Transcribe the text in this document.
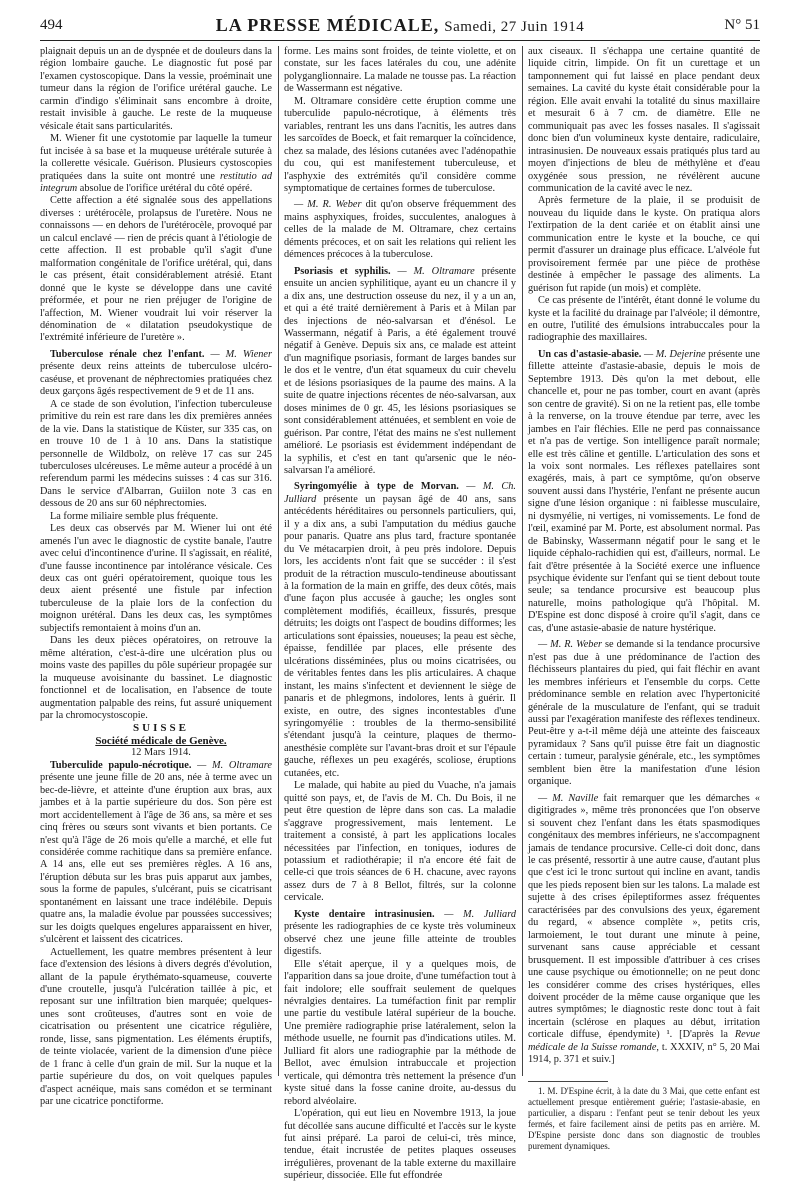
494	LA PRESSE MÉDICALE, Samedi, 27 Juin 1914	N° 51

plaignait depuis un an de dyspnée et de douleurs dans la région lombaire gauche. Le diagnostic fut posé par l'examen cystoscopique. Dans la vessie, proéminait une tumeur dans la région de l'orifice urétéral gauche. Le carmin d'indigo s'éliminait sans encombre à droite, restait invisible à gauche. Le reste de la muqueuse vésicale était sans particularités.

M. Wiener fit une cystotomie par laquelle la tumeur fut incisée à sa base et la muqueuse urétérale suturée à la collerette vésicale. Guérison. Plusieurs cystoscopies pratiquées dans la suite ont montré une restitutio ad integrum absolue de l'orifice urétéral du côté opéré.

Cette affection a été signalée sous des appellations diverses : urétérocèle, prolapsus de l'uretère. Nous ne connaissons — en dehors de l'urétérocèle, provoqué par un calcul enclavé — rien de précis quant à l'étiologie de cette affection. Il est probable qu'il s'agit d'une malformation congénitale de l'orifice urétéral, qui, dans le cas présent, était considérablement atrésié. Etant donné que le kyste se développe dans une cavité préformée, et pour ne rien préjuger de l'origine de l'affection, M. Wiener voudrait lui voir réserver la dénomination de « dilatation pseudokystique de l'extrémité inférieure de l'uretère ».

Tuberculose rénale chez l'enfant. — M. Wiener présente deux reins atteints de tuberculose ulcéro-caséuse, et provenant de néphrectomies pratiquées chez deux garçons âgés respectivement de 9 et de 11 ans.

A ce stade de son évolution, l'infection tuberculeuse primitive du rein est rare dans les dix premières années de la vie. Dans la statistique de Küster, sur 335 cas, on en trouve 10 de 1 à 10 ans. Dans la statistique personnelle de Wildbolz, on relève 17 cas sur 245 tuberculoses ulcéreuses. Le même auteur a procédé à un referendum parmi les médecins suisses : 4 cas sur 316. Dans le service d'Albarran, Guiilon note 3 cas en dessous de 20 ans sur 60 néphrectomies.

La forme miliaire semble plus fréquente.

Les deux cas observés par M. Wiener lui ont été amenés l'un avec le diagnostic de cystite banale, l'autre avec celui d'incontinence d'urine. Il s'agissait, en réalité, d'une fausse incontinence par intolérance vésicale. Ces deux cas ont guéri opératoirement, quoique tous les deux aient présenté une fistule par infection tuberculeuse de la plaie lors de la confection du moignon urétéral. Dans les deux cas, les symptômes subjectifs remontaient à moins d'un an.

Dans les deux pièces opératoires, on retrouve la même altération, c'est-à-dire une ulcération plus ou moins vaste des papilles du pôle supérieur propagée sur la muqueuse avoisinante du bassinet. Le diagnostic fonctionnel et de localisation, en l'absence de toute augmentation palpable des reins, fut assuré uniquement par la chromocystoscopie.

SUISSE

Société médicale de Genève.

12 Mars 1914.

Tuberculide papulo-nécrotique. — M. Oltramare présente une jeune fille de 20 ans, née à terme avec un bec-de-lièvre, et atteinte d'une éruption aux bras, aux jambes et à la partie supérieure du dos. Son père est mort accidentellement à l'âge de 36 ans, sa mère et ses cinq frères ou sœurs sont vivants et bien portants. Ce n'est qu'à l'âge de 26 mois qu'elle a marché, et elle fut considérée comme rachitique dans sa première enfance. A 14 ans, elle eut ses premières règles. A 16 ans, l'éruption débuta sur les bras puis apparut aux jambes, sous la forme de papules, s'ulcérant, puis se cicatrisant spontanément en laissant une trace indélébile. Depuis quatre ans, la maladie évolue par poussées successives; sur les doigts quelques engelures apparaissent en hiver, s'ulcèrent et laissent des cicatrices.

Actuellement, les quatre membres présentent à leur face d'extension des lésions à divers degrés d'évolution, allant de la papule érythémato-squameuse, couverte d'une croutelle, jusqu'à l'ulcération taillée à pic, et reposant sur une infiltration bien marquée; quelques-unes sont croûteuses, d'autres sont en voie de cicatrisation ou présentent une cicatrice régulière, ronde, lisse, sans pigmentation. Les éléments éruptifs, de teinte violacée, varient de la dimension d'une pièce de 1 franc à celle d'un grain de mil. Sur la nuque et la partie supérieure du dos, on voit quelques papules d'aspect acnéique, mais sans comédon et se terminant par une cicatrice ponctiforme.

forme. Les mains sont froides, de teinte violette, et on constate, sur les faces latérales du cou, une adénite polyganglionnaire. La malade ne tousse pas. La réaction de Wassermann est négative.

M. Oltramare considère cette éruption comme une tuberculide papulo-nécrotique, à éléments très variables, rentrant les uns dans l'acnitis, les autres dans les sarcoïdes de Boeck, et fait remarquer la coïncidence, chez sa malade, des lésions cutanées avec l'adénopathie du cou, qui est manifestement tuberculeuse, et l'asphyxie des extrémités qu'il considère comme symptomatique de certaines formes de tuberculose.

— M. R. Weber dit qu'on observe fréquemment des mains asphyxiques, froides, succulentes, analogues à celles de la malade de M. Oltramare, chez certains déments précoces, et on sait les relations qui relient les démences précoces à la tuberculose.

Psoriasis et syphilis. — M. Oltramare présente ensuite un ancien syphilitique, ayant eu un chancre il y a dix ans, une destruction osseuse du nez, il y a un an, et qui a été traité dernièrement à Paris et à Milan par des injections de néo-salvarsan et d'énésol. Le Wassermann, négatif à Paris, a été également trouvé négatif à Genève. Depuis six ans, ce malade est atteint d'un magnifique psoriasis, formant de larges bandes sur le dos et le ventre, d'un état squameux du cuir chevelu et de lésions psoriasiques de la paume des mains. A la suite de quatre injections récentes de néo-salvarsan, aux doses minimes de 0 gr. 45, les lésions psoriasiques se sont considérablement atténuées, et semblent en voie de guérison. Par contre, l'état des mains ne s'est nullement amélioré. Le psoriasis est évidemment indépendant de la syphilis, et c'est en tant qu'arsenic que le néo-salvarsan l'a amélioré.

Syringomyélie à type de Morvan. — M. Ch. Julliard présente un paysan âgé de 40 ans, sans antécédents héréditaires ou personnels particuliers, qui, il y a dix ans, a subi l'amputation du médius gauche pour panaris. Quatre ans plus tard, fracture spontanée du Ve métacarpien droit, à peu près indolore. Depuis lors, les accidents n'ont fait que se succéder : il s'est produit de la rétraction musculo-tendineuse aboutissant à la formation de la main en griffe, des deux côtés, mais d'une façon plus accusée à gauche; les ongles sont complètement modifiés, écailleux, fissurés, presque détruits; les doigts ont l'aspect de boudins difformes; les articulations sont épaissies, noueuses; la peau est sèche, épaisse, fendillée par places, elle présente des ulcérations disséminées, plus ou moins cicatrisées, ou de véritables fentes dans les plis articulaires. A chaque instant, les mains s'infectent et deviennent le siège de panaris et de phlegmons, indolores, lents à guérir. Il existe, en outre, des signes incontestables d'une syringomyélie : troubles de la thermo-sensibilité s'étendant jusqu'à la ceinture, plaques de thermo-anesthésie complète sur l'avant-bras droit et sur l'épaule gauche, réflexes un peu exagérés, scoliose, éruptions cutanées, etc.

Le malade, qui habite au pied du Vuache, n'a jamais quitté son pays, et, de l'avis de M. Ch. Du Bois, il ne peut être question de lèpre dans son cas. La maladie s'aggrave progressivement, mais lentement. Le traitement a consisté, à part les applications locales nécessitées par l'infection, en toniques, iodures de potassium et radiothérapie; il n'a encore été fait de celle-ci que trois séances de 6 H. chacune, avec rayons assez durs de 7 à 8 Bellot, filtrés, sur la colonne cervicale.

Kyste dentaire intrasinusien. — M. Julliard présente les radiographies de ce kyste très volumineux observé chez une jeune fille atteinte de troubles digestifs.

Elle s'était aperçue, il y a quelques mois, de l'apparition dans sa joue droite, d'une tuméfaction tout à fait indolore; elle souffrait seulement de quelques névralgies dentaires. La tuméfaction finit par remplir une partie du vestibule latéral supérieur de la bouche. Une première radiographie prise latéralement, selon la méthode usuelle, ne fournit pas d'indications utiles. M. Julliard fit alors une radiographie par la méthode de Bellot, avec émulsion intrabuccale et projection verticale, qui démontra très nettement la présence d'un kyste situé dans la fosse canine droite, au-dessus du rebord alvéolaire.

L'opération, qui eut lieu en Novembre 1913, la joue fut décollée sans aucune difficulté et l'accès sur le kyste fut ainsi préparé. La paroi de celui-ci, très mince, tendue, était incrustée de petites plaques osseuses irrégulières, provenant de la table externe du maxillaire supérieur, dissociée. Elle fut effondrée

aux ciseaux. Il s'échappa une certaine quantité de liquide citrin, limpide. On fit un curettage et un tamponnement qui fut laissé en place pendant deux semaines. La cavité du kyste était considérable pour la région. Elle avait envahi la totalité du sinus maxillaire et mesurait 6 à 7 cm. de diamètre. Elle ne communiquait pas avec les fosses nasales. Il s'agissait donc bien d'un volumineux kyste dentaire, radiculaire, intrasinusien. De nouveaux essais pratiqués plus tard au moyen d'injections de bleu de méthylène et d'eau oxygénée sous pression, ne révélèrent aucune communication de la cavité avec le nez.

Après fermeture de la plaie, il se produisit de nouveau du liquide dans le kyste. On pratiqua alors l'extirpation de la dent cariée et on établit ainsi une communication entre le kyste et la bouche, ce qui permit d'assurer un drainage plus efficace. L'alvéole fut provisoirement fermée par une pièce de prothèse destinée à empêcher le passage des aliments. La guérison fut rapide (un mois) et complète.

Ce cas présente de l'intérêt, étant donné le volume du kyste et la facilité du drainage par l'alvéole; il démontre, en outre, l'utilité des émulsions intrabuccales pour la radiographie des maxillaires.

Un cas d'astasie-abasie. — M. Dejerine présente une fillette atteinte d'astasie-abasie, depuis le mois de Septembre 1913. Dès qu'on la met debout, elle chancelle et, pour ne pas tomber, court en avant (après son centre de gravité). Si on ne la retient pas, elle tombe à la renverse, on la trouve étendue par terre, avec les jambes en l'air fléchies. Elle ne perd pas connaissance et n'a pas de vertige. Son intelligence paraît normale; elle est très câline et gentille. L'articulation des sons et la voix sont normales. Les réflexes patellaires sont exagérés, mais, à part ce symptôme, qu'on observe souvent aussi dans l'hystérie, l'enfant ne présente aucun signe d'une lésion organique : ni faiblesse musculaire, ni dysmyélie, ni vertiges, ni vomissements. Le fond de l'œil, examiné par M. Porte, est absolument normal. Pas de Babinsky, Wassermann négatif pour le sang et le liquide céphalo-rachidien qui est, d'ailleurs, normal. Le fait d'être présentée à la Société exerce une influence psychique évidente sur l'enfant qui se tient debout toute seule; sa tendance procursive est beaucoup plus naturelle, moins pathologique qu'à l'hôpital. M. D'Espine est donc disposé à croire qu'il s'agit, dans ce cas, d'une astasie-abasie de nature hystérique.

— M. R. Weber se demande si la tendance procursive n'est pas due à une prédominance de l'action des fléchisseurs plantaires du pied, qui fait fléchir en avant les membres inférieurs et l'ensemble du corps. Cette prédominance semble en relation avec l'hypertonicité générale de la musculature de l'enfant, qui se traduit aussi par l'exagération manifeste des réflexes tendineux. Peut-être y a-t-il même déjà une atteinte des faisceaux pyramidaux ? Sans qu'il puisse être fait un diagnostic certain : tumeur, paralysie générale, etc., les symptômes semblent bien être la manifestation d'une lésion organique.

— M. Naville fait remarquer que les démarches « digitigrades », même très prononcées que l'on observe si souvent chez l'enfant dans les états spasmodiques congénitaux des membres inférieurs, ne s'accompagnent jamais de tendance procursive. Celle-ci doit donc, dans le cas présenté, ressortir à une autre cause, d'autant plus que c'est ici le tronc surtout qui incline en avant, tandis que les pieds reposent bien sur les talons. La malade est sujette à des crises épileptiformes assez fréquentes caractérisées par des convulsions des yeux, égarement du regard, « absence complète », petits cris, larmoiement, le tout durant une minute à peine, survenant sans cause appréciable et cessant brusquement. Il est impossible d'attribuer à ces crises une cause psychique ou émotionnelle; on ne peut donc les considérer comme des crises hystériques, elles doivent procéder de la même cause organique que les autres symptômes; le diagnostic reste donc tout à fait incertain (sclérose en plaques au début, irritation corticale diffuse, épendymite) ¹. [D'après la Revue médicale de la Suisse romande, t. XXXIV, n° 5, 20 Mai 1914, p. 371 et suiv.]

1. M. D'Espine écrit, à la date du 3 Mai, que cette enfant est actuellement presque entièrement guérie; l'astasie-abasie, en particulier, a disparu : l'enfant peut se tenir debout les yeux fermés, et faire facilement ainsi de petits pas en arrière. M. D'Espine persiste donc dans son diagnostic de troubles purement dynamiques.
